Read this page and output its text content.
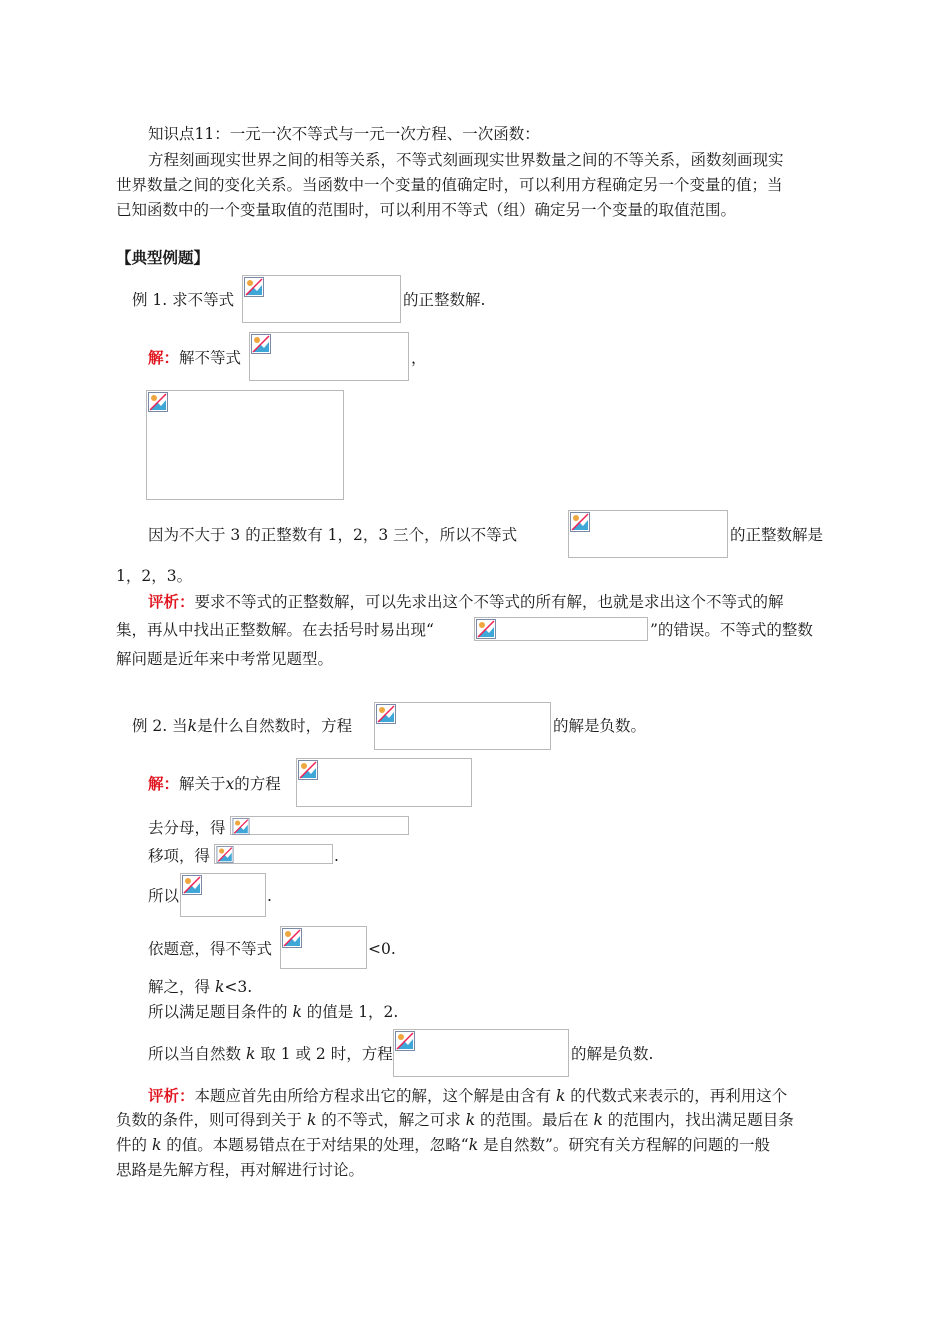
知识点11：一元一次不等式与一元一次方程、一次函数：
方程刻画现实世界之间的相等关系，不等式刻画现实世界数量之间的不等关系，函数刻画现实
世界数量之间的变化关系。当函数中一个变量的值确定时，可以利用方程确定另一个变量的值；当
已知函数中的一个变量取值的范围时，可以利用不等式（组）确定另一个变量的取值范围。
【典型例题】
例 1. 求不等式	的正整数解.
解：解不等式	，
因为不大于 3 的正整数有 1，2，3 三个，所以不等式	的正整数解是
1，2，3。
评析：要求不等式的正整数解，可以先求出这个不等式的所有解，也就是求出这个不等式的解
集，再从中找出正整数解。在去括号时易出现“	”的错误。不等式的整数
解问题是近年来中考常见题型。
例 2. 当k是什么自然数时，方程	的解是负数。
解：解关于x的方程
去分母，得
移项，得	.
所以	.
依题意，得不等式	<0.
解之，得 k<3.
所以满足题目条件的 k 的值是 1，2.
所以当自然数 k 取 1 或 2 时，方程	的解是负数.
评析：本题应首先由所给方程求出它的解，这个解是由含有 k 的代数式来表示的，再利用这个
负数的条件，则可得到关于 k 的不等式，解之可求 k 的范围。最后在 k 的范围内，找出满足题目条
件的 k 的值。本题易错点在于对结果的处理，忽略“k 是自然数”。研究有关方程解的问题的一般
思路是先解方程，再对解进行讨论。
